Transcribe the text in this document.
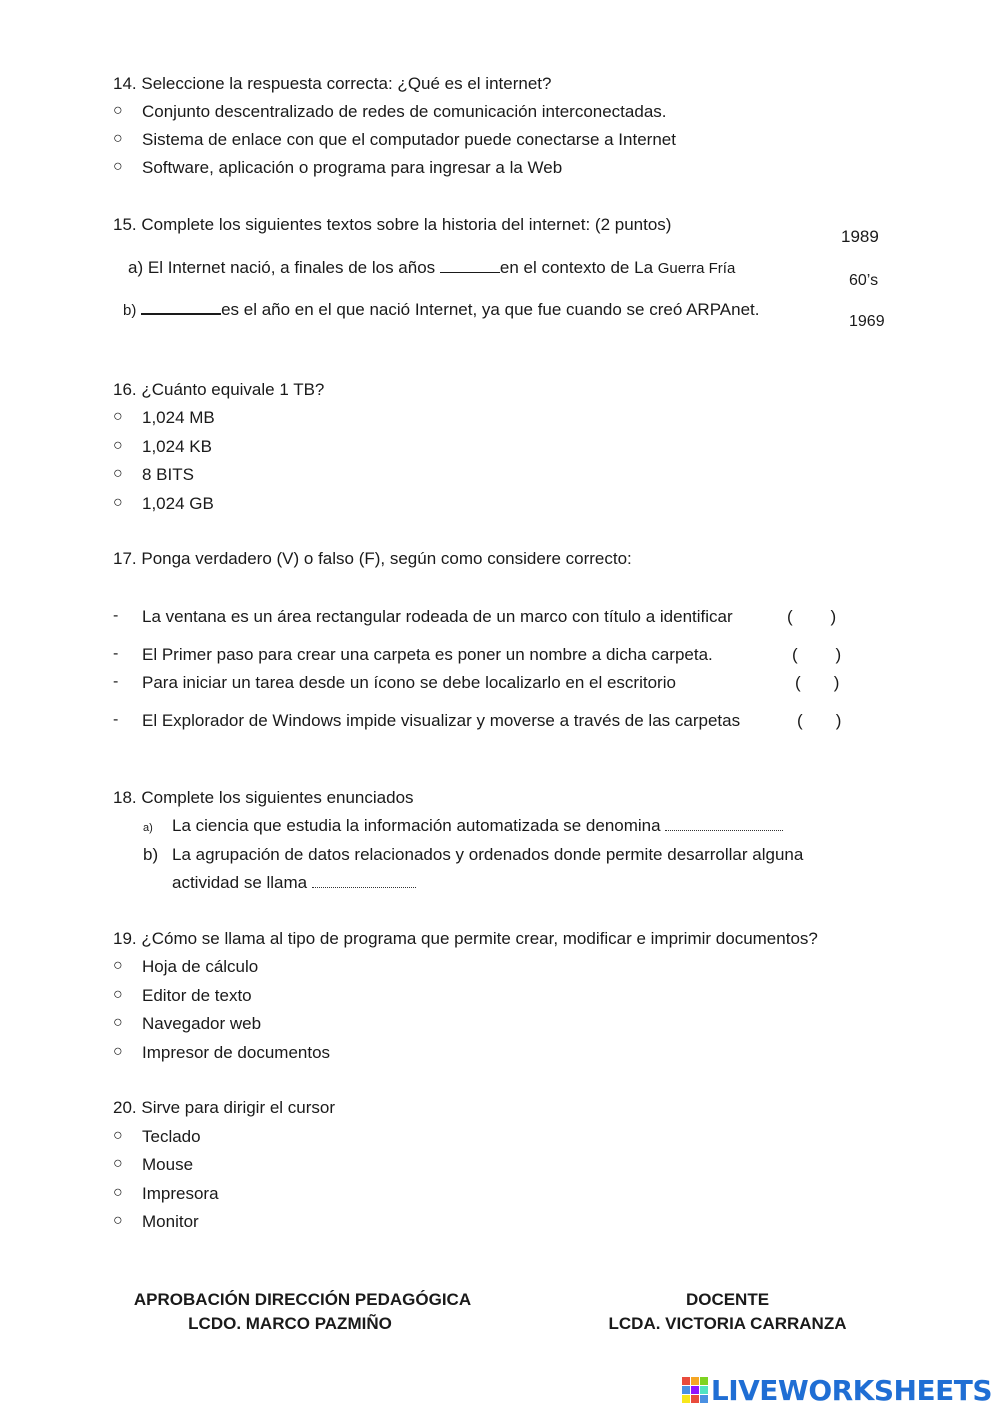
14. Seleccione la respuesta correcta: ¿Qué es el internet?
○ Conjunto descentralizado de redes de comunicación interconectadas.
○ Sistema de enlace con que el computador puede conectarse a Internet
○ Software, aplicación o programa para ingresar a la Web
15. Complete los siguientes textos sobre la historia del internet: (2 puntos)
1989
a) El Internet nació, a finales de los años	en el contexto de La Guerra Fría
60’s
b)	es el año en el que nació Internet, ya que fue cuando se creó ARPAnet.
1969
16. ¿Cuánto equivale 1 TB?
○ 1,024 MB
○ 1,024 KB
○ 8 BITS
○ 1,024 GB
17. Ponga verdadero (V) o falso (F), según como considere correcto:
- La ventana es un área rectangular rodeada de un marco con título a identificar	(        )
- El Primer paso para crear una carpeta es poner un nombre a dicha carpeta.	(        )
- Para iniciar un tarea desde un ícono se debe localizarlo en el escritorio	(       )
- El Explorador de Windows impide visualizar y moverse a través de las carpetas	(       )
18. Complete los siguientes enunciados
a) La ciencia que estudia la información automatizada se denomina
b) La agrupación de datos relacionados y ordenados donde permite desarrollar alguna
actividad se llama
19. ¿Cómo se llama al tipo de programa que permite crear, modificar e imprimir documentos?
○ Hoja de cálculo
○ Editor de texto
○ Navegador web
○ Impresor de documentos
20. Sirve para dirigir el cursor
○ Teclado
○ Mouse
○ Impresora
○ Monitor
APROBACIÓN DIRECCIÓN PEDAGÓGICA
LCDO. MARCO PAZMIÑO
DOCENTE
LCDA. VICTORIA CARRANZA
LIVEWORKSHEETS
